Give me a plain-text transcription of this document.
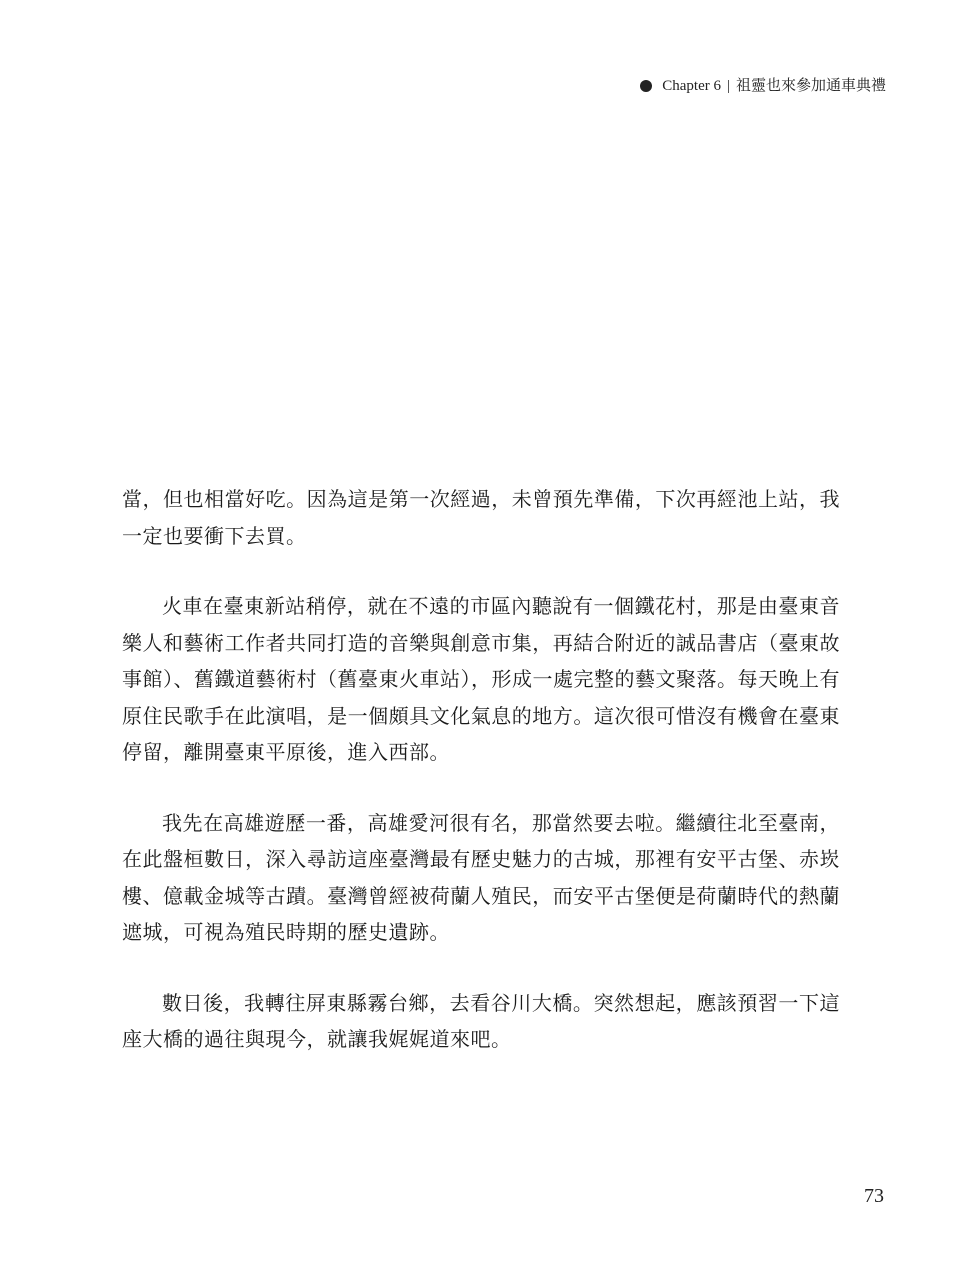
Chapter 6 | 祖靈也來參加通車典禮

當，但也相當好吃。因為這是第一次經過，未曾預先準備，下次再經池上站，我一定也要衝下去買。

火車在臺東新站稍停，就在不遠的市區內聽說有一個鐵花村，那是由臺東音樂人和藝術工作者共同打造的音樂與創意市集，再結合附近的誠品書店（臺東故事館）、舊鐵道藝術村（舊臺東火車站），形成一處完整的藝文聚落。每天晚上有原住民歌手在此演唱，是一個頗具文化氣息的地方。這次很可惜沒有機會在臺東停留，離開臺東平原後，進入西部。

我先在高雄遊歷一番，高雄愛河很有名，那當然要去啦。繼續往北至臺南，在此盤桓數日，深入尋訪這座臺灣最有歷史魅力的古城，那裡有安平古堡、赤崁樓、億載金城等古蹟。臺灣曾經被荷蘭人殖民，而安平古堡便是荷蘭時代的熱蘭遮城，可視為殖民時期的歷史遺跡。

數日後，我轉往屏東縣霧台鄉，去看谷川大橋。突然想起，應該預習一下這座大橋的過往與現今，就讓我娓娓道來吧。

73
